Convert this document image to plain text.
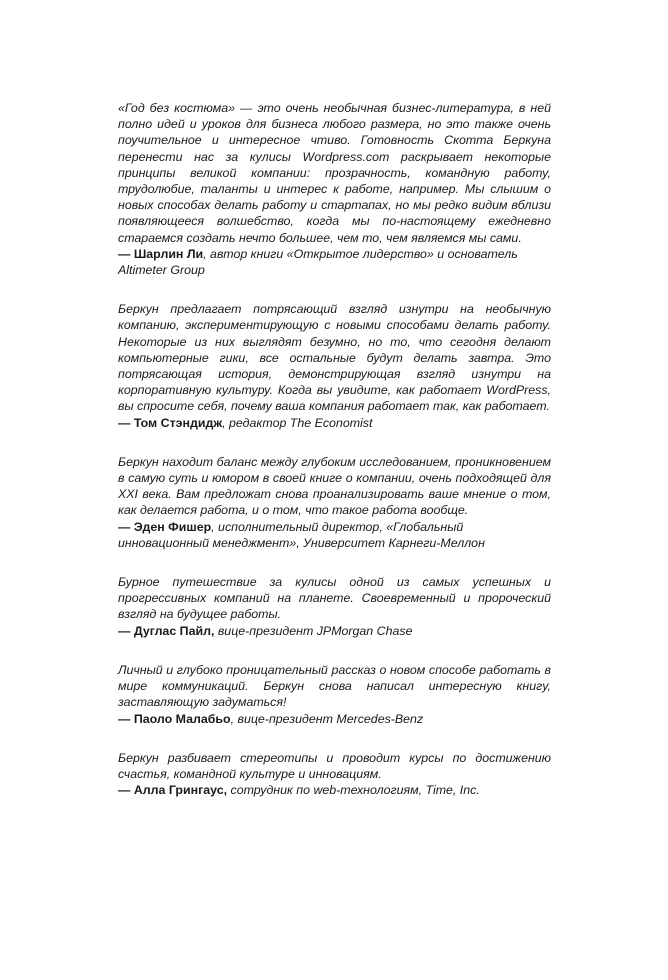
«Год без костюма» — это очень необычная бизнес-литература, в ней полно идей и уроков для бизнеса любого размера, но это также очень поучительное и интересное чтиво. Готовность Скотта Беркуна перенести нас за кулисы Wordpress.com раскрывает некоторые принципы великой компании: прозрачность, командную работу, трудолюбие, таланты и интерес к работе, например. Мы слышим о новых способах делать работу и стартапах, но мы редко видим вблизи появляющееся волшебство, когда мы по-настоящему ежедневно стараемся создать нечто большее, чем то, чем являемся мы сами.

— Шарлин Ли, автор книги «Открытое лидерство» и основатель Altimeter Group

Беркун предлагает потрясающий взгляд изнутри на необычную компанию, экспериментирующую с новыми способами делать работу. Некоторые из них выглядят безумно, но то, что сегодня делают компьютерные гики, все остальные будут делать завтра. Это потрясающая история, демонстрирующая взгляд изнутри на корпоративную культуру. Когда вы увидите, как работает WordPress, вы спросите себя, почему ваша компания работает так, как работает.

— Том Стэндидж, редактор The Economist

Беркун находит баланс между глубоким исследованием, проникновением в самую суть и юмором в своей книге о компании, очень подходящей для XXI века. Вам предложат снова проанализировать ваше мнение о том, как делается работа, и о том, что такое работа вообще.

— Эден Фишер, исполнительный директор, «Глобальный инновационный менеджмент», Университет Карнеги-Меллон

Бурное путешествие за кулисы одной из самых успешных и прогрессивных компаний на планете. Своевременный и пророческий взгляд на будущее работы.

— Дуглас Пайл, вице-президент JPMorgan Chase

Личный и глубоко проницательный рассказ о новом способе работать в мире коммуникаций. Беркун снова написал интересную книгу, заставляющую задуматься!

— Паоло Малабьо, вице-президент Mercedes-Benz

Беркун разбивает стереотипы и проводит курсы по достижению счастья, командной культуре и инновациям.

— Алла Грингаус, сотрудник по web-технологиям, Time, Inc.
